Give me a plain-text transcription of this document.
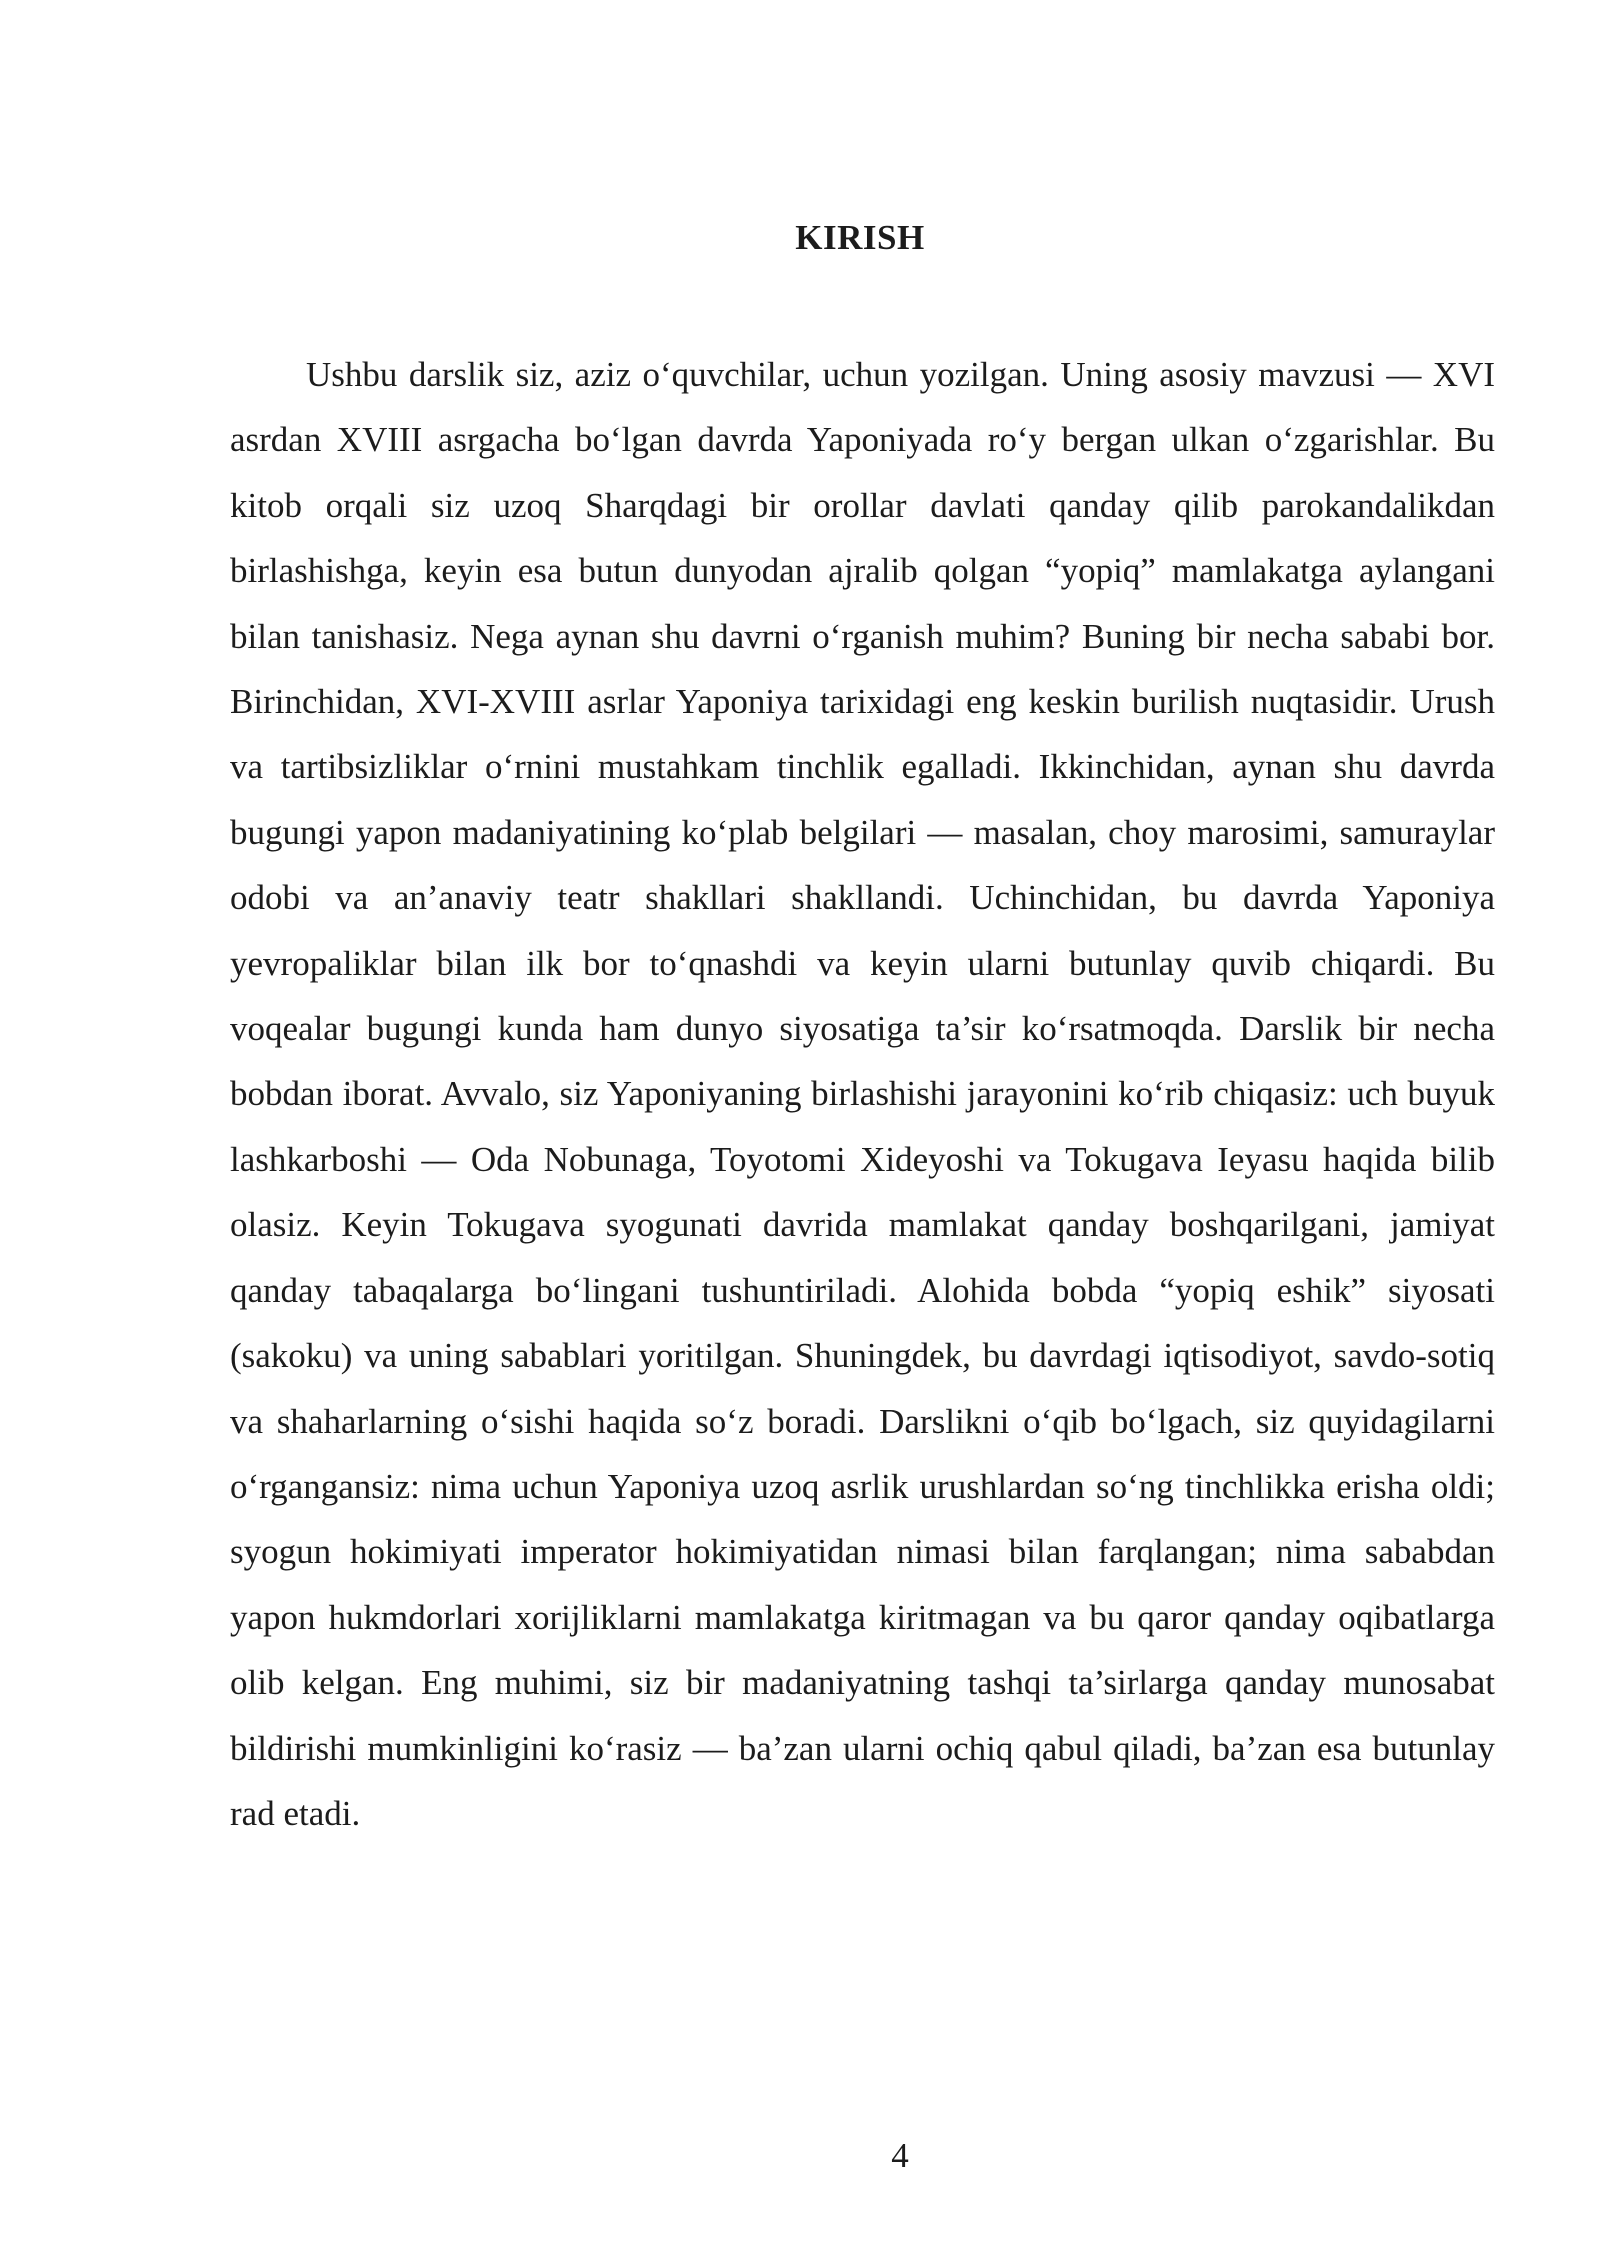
KIRISH

Ushbu darslik siz, aziz o‘quvchilar, uchun yozilgan. Uning asosiy mavzusi — XVI asrdan XVIII asrgacha bo‘lgan davrda Yaponiyada ro‘y bergan ulkan o‘zgarishlar. Bu kitob orqali siz uzoq Sharqdagi bir orollar davlati qanday qilib parokandalikdan birlashishga, keyin esa butun dunyodan ajralib qolgan “yopiq” mamlakatga aylangani bilan tanishasiz. Nega aynan shu davrni o‘rganish muhim? Buning bir necha sababi bor. Birinchidan, XVI-XVIII asrlar Yaponiya tarixidagi eng keskin burilish nuqtasidir. Urush va tartibsizliklar o‘rnini mustahkam tinchlik egalladi. Ikkinchidan, aynan shu davrda bugungi yapon madaniyatining ko‘plab belgilari — masalan, choy marosimi, samuraylar odobi va an’anaviy teatr shakllari shakllandi. Uchinchidan, bu davrda Yaponiya yevropaliklar bilan ilk bor to‘qnashdi va keyin ularni butunlay quvib chiqardi. Bu voqealar bugungi kunda ham dunyo siyosatiga ta’sir ko‘rsatmoqda. Darslik bir necha bobdan iborat. Avvalo, siz Yaponiyaning birlashishi jarayonini ko‘rib chiqasiz: uch buyuk lashkarboshi — Oda Nobunaga, Toyotomi Xideyoshi va Tokugava Ieyasu haqida bilib olasiz. Keyin Tokugava syogunati davrida mamlakat qanday boshqarilgani, jamiyat qanday tabaqalarga bo‘lingani tushuntiriladi. Alohida bobda “yopiq eshik” siyosati (sakoku) va uning sabablari yoritilgan. Shuningdek, bu davrdagi iqtisodiyot, savdo-sotiq va shaharlarning o‘sishi haqida so‘z boradi. Darslikni o‘qib bo‘lgach, siz quyidagilarni o‘rgangansiz: nima uchun Yaponiya uzoq asrlik urushlardan so‘ng tinchlikka erisha oldi; syogun hokimiyati imperator hokimiyatidan nimasi bilan farqlangan; nima sababdan yapon hukmdorlari xorijliklarni mamlakatga kiritmagan va bu qaror qanday oqibatlarga olib kelgan. Eng muhimi, siz bir madaniyatning tashqi ta’sirlarga qanday munosabat bildirishi mumkinligini ko‘rasiz — ba’zan ularni ochiq qabul qiladi, ba’zan esa butunlay rad etadi.

4
